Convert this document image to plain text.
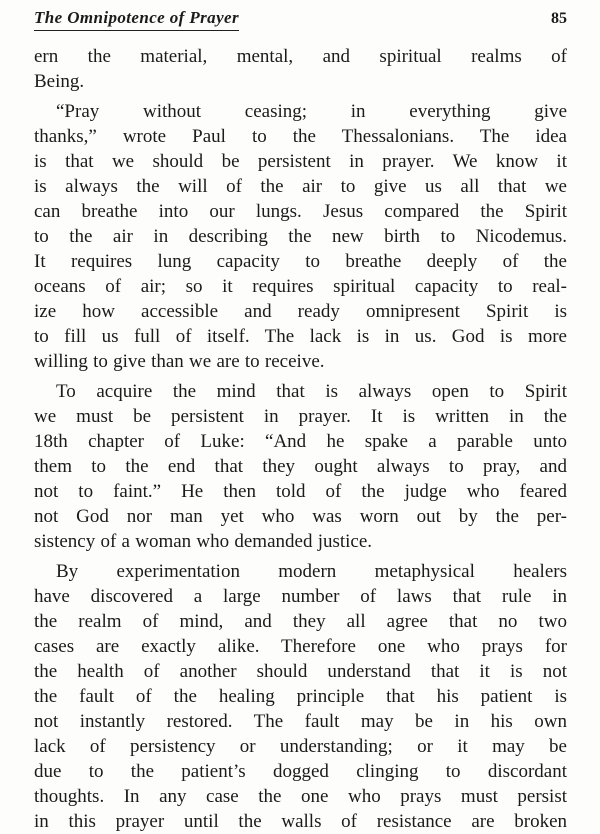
The Omnipotence of Prayer	85
ern the material, mental, and spiritual realms of
Being.
“Pray without ceasing; in everything give
thanks,” wrote Paul to the Thessalonians. The idea
is that we should be persistent in prayer. We know it
is always the will of the air to give us all that we
can breathe into our lungs. Jesus compared the Spirit
to the air in describing the new birth to Nicodemus.
It requires lung capacity to breathe deeply of the
oceans of air; so it requires spiritual capacity to real-
ize how accessible and ready omnipresent Spirit is
to fill us full of itself. The lack is in us. God is more
willing to give than we are to receive.
To acquire the mind that is always open to Spirit
we must be persistent in prayer. It is written in the
18th chapter of Luke: “And he spake a parable unto
them to the end that they ought always to pray, and
not to faint.” He then told of the judge who feared
not God nor man yet who was worn out by the per-
sistency of a woman who demanded justice.
By experimentation modern metaphysical healers
have discovered a large number of laws that rule in
the realm of mind, and they all agree that no two
cases are exactly alike. Therefore one who prays for
the health of another should understand that it is not
the fault of the healing principle that his patient is
not instantly restored. The fault may be in his own
lack of persistency or understanding; or it may be
due to the patient’s dogged clinging to discordant
thoughts. In any case the one who prays must persist
in this prayer until the walls of resistance are broken
